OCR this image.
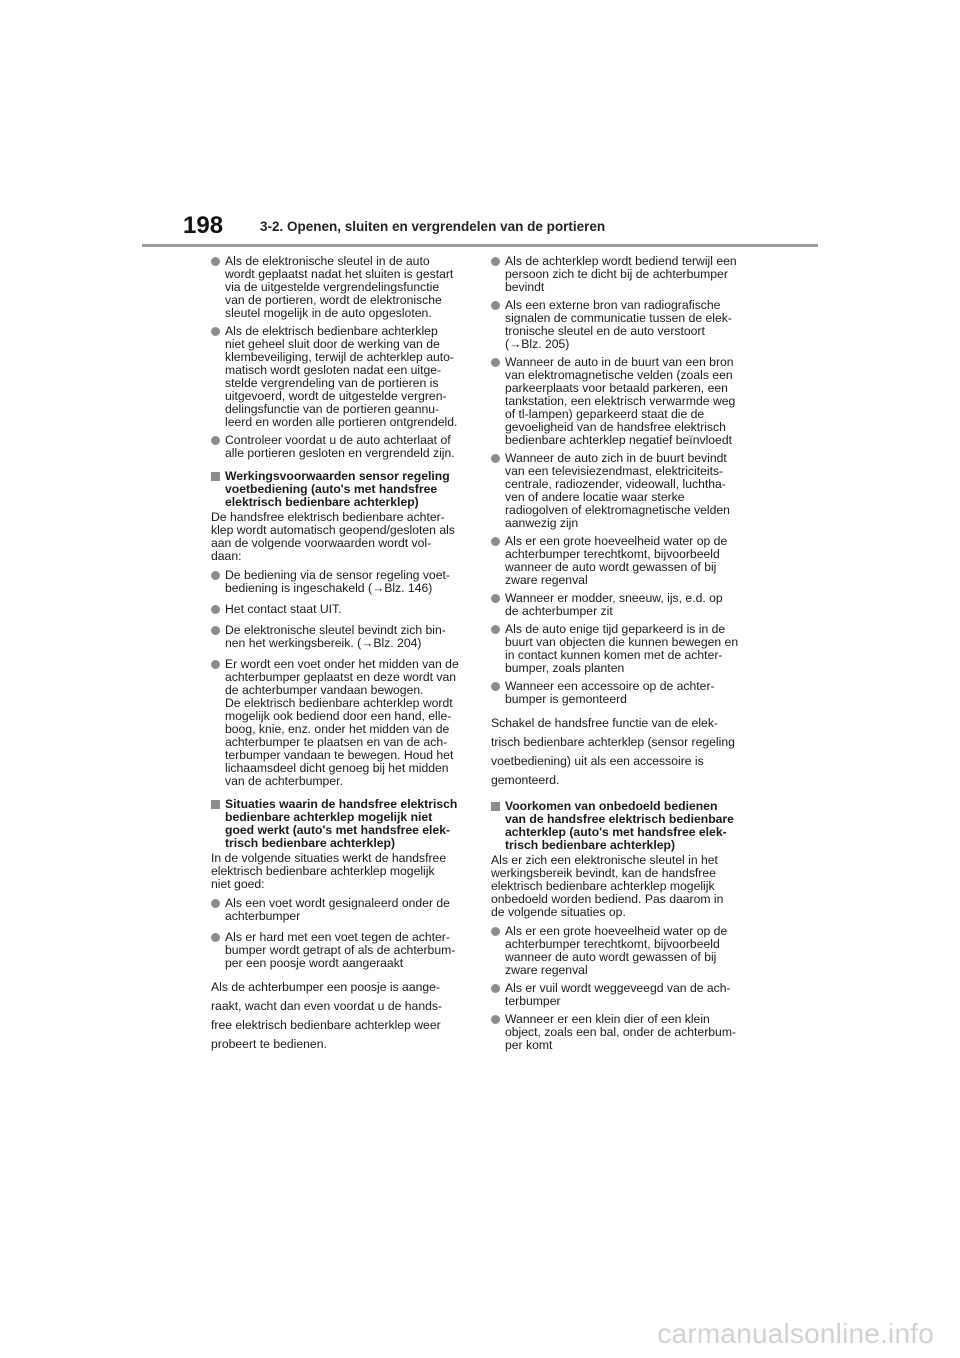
198	3-2. Openen, sluiten en vergrendelen van de portieren
Als de elektronische sleutel in de auto
wordt geplaatst nadat het sluiten is gestart
via de uitgestelde vergrendelingsfunctie
van de portieren, wordt de elektronische
sleutel mogelijk in de auto opgesloten.
Als de elektrisch bedienbare achterklep
niet geheel sluit door de werking van de
klembeveiliging, terwijl de achterklep auto-
matisch wordt gesloten nadat een uitge-
stelde vergrendeling van de portieren is
uitgevoerd, wordt de uitgestelde vergren-
delingsfunctie van de portieren geannu-
leerd en worden alle portieren ontgrendeld.
Controleer voordat u de auto achterlaat of
alle portieren gesloten en vergrendeld zijn.
Werkingsvoorwaarden sensor regeling
voetbediening (auto's met handsfree
elektrisch bedienbare achterklep)
De handsfree elektrisch bedienbare achter-
klep wordt automatisch geopend/gesloten als
aan de volgende voorwaarden wordt vol-
daan:
De bediening via de sensor regeling voet-
bediening is ingeschakeld (→Blz. 146)
Het contact staat UIT.
De elektronische sleutel bevindt zich bin-
nen het werkingsbereik. (→Blz. 204)
Er wordt een voet onder het midden van de
achterbumper geplaatst en deze wordt van
de achterbumper vandaan bewogen.
De elektrisch bedienbare achterklep wordt
mogelijk ook bediend door een hand, elle-
boog, knie, enz. onder het midden van de
achterbumper te plaatsen en van de ach-
terbumper vandaan te bewegen. Houd het
lichaamsdeel dicht genoeg bij het midden
van de achterbumper.
Situaties waarin de handsfree elektrisch
bedienbare achterklep mogelijk niet
goed werkt (auto's met handsfree elek-
trisch bedienbare achterklep)
In de volgende situaties werkt de handsfree
elektrisch bedienbare achterklep mogelijk
niet goed:
Als een voet wordt gesignaleerd onder de
achterbumper
Als er hard met een voet tegen de achter-
bumper wordt getrapt of als de achterbum-
per een poosje wordt aangeraakt
Als de achterbumper een poosje is aange-
raakt, wacht dan even voordat u de hands-
free elektrisch bedienbare achterklep weer
probeert te bedienen.
Als de achterklep wordt bediend terwijl een
persoon zich te dicht bij de achterbumper
bevindt
Als een externe bron van radiografische
signalen de communicatie tussen de elek-
tronische sleutel en de auto verstoort
(→Blz. 205)
Wanneer de auto in de buurt van een bron
van elektromagnetische velden (zoals een
parkeerplaats voor betaald parkeren, een
tankstation, een elektrisch verwarmde weg
of tl-lampen) geparkeerd staat die de
gevoeligheid van de handsfree elektrisch
bedienbare achterklep negatief beïnvloedt
Wanneer de auto zich in de buurt bevindt
van een televisiezendmast, elektriciteits-
centrale, radiozender, videowall, luchtha-
ven of andere locatie waar sterke
radiogolven of elektromagnetische velden
aanwezig zijn
Als er een grote hoeveelheid water op de
achterbumper terechtkomt, bijvoorbeeld
wanneer de auto wordt gewassen of bij
zware regenval
Wanneer er modder, sneeuw, ijs, e.d. op
de achterbumper zit
Als de auto enige tijd geparkeerd is in de
buurt van objecten die kunnen bewegen en
in contact kunnen komen met de achter-
bumper, zoals planten
Wanneer een accessoire op de achter-
bumper is gemonteerd
Schakel de handsfree functie van de elek-
trisch bedienbare achterklep (sensor regeling
voetbediening) uit als een accessoire is
gemonteerd.
Voorkomen van onbedoeld bedienen
van de handsfree elektrisch bedienbare
achterklep (auto's met handsfree elek-
trisch bedienbare achterklep)
Als er zich een elektronische sleutel in het
werkingsbereik bevindt, kan de handsfree
elektrisch bedienbare achterklep mogelijk
onbedoeld worden bediend. Pas daarom in
de volgende situaties op.
Als er een grote hoeveelheid water op de
achterbumper terechtkomt, bijvoorbeeld
wanneer de auto wordt gewassen of bij
zware regenval
Als er vuil wordt weggeveegd van de ach-
terbumper
Wanneer er een klein dier of een klein
object, zoals een bal, onder de achterbum-
per komt
carmanualsonline.info
